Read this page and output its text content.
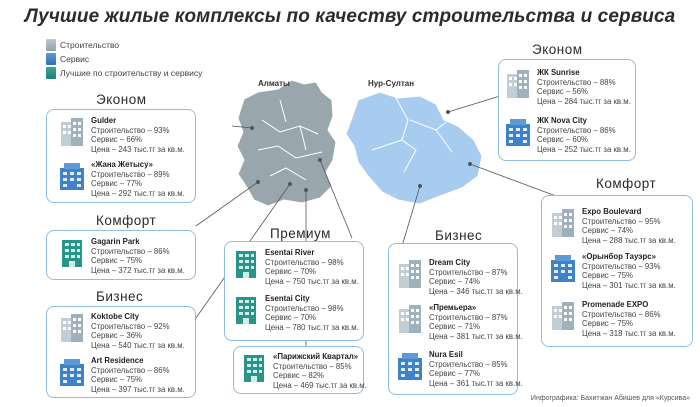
Лучшие жилые комплексы по качеству строительства и сервиса
Строительство
Сервис
Лучшие по строительству и сервису
Алматы	Нур-Султан
Эконом
Комфорт
Бизнес
Премиум	Бизнес
Эконом
Комфорт
Gulder
Строительство – 93%
Сервис – 66%
Цена – 243 тыс.тг за кв.м.
«Жана Жетысу»
Строительство – 89%
Сервис – 77%
Цена – 292 тыс.тг за кв.м.
Gagarin Park
Строительство – 86%
Сервис – 75%
Цена – 372 тыс.тг за кв.м.
Koktobe City
Строительство – 92%
Сервис – 36%
Цена – 540 тыс.тг за кв.м.
Art Residence
Строительство – 86%
Сервис – 75%
Цена – 397 тыс.тг за кв.м.
Esentai River
Строительство – 98%
Сервис – 70%
Цена – 750 тыс.тг за кв.м.
Esentai City
Строительство – 98%
Сервис – 70%
Цена – 780 тыс.тг за кв.м.
«Парижский Квартал»
Строительство – 85%
Сервис – 82%
Цена – 469 тыс.тг за кв.м.
Dream City
Строительство – 87%
Сервис – 74%
Цена – 346 тыс.тг за кв.м.
«Премьера»
Строительство – 87%
Сервис – 71%
Цена – 381 тыс.тг за кв.м.
Nura Esil
Строительство – 85%
Сервис – 77%
Цена – 361 тыс.тг за кв.м.
ЖК Sunrise
Строительство – 88%
Сервис – 56%
Цена – 284 тыс.тг за кв.м.
ЖК Nova City
Строительство – 86%
Сервис – 60%
Цена – 252 тыс.тг за кв.м.
Expo Boulevard
Строительство – 95%
Сервис – 74%
Цена – 288 тыс.тг за кв.м.
«Орынбор Тауэрс»
Строительство – 93%
Сервис – 75%
Цена – 301 тыс.тг за кв.м.
Promenade EXPO
Строительство – 86%
Сервис – 75%
Цена – 318 тыс.тг за кв.м.
Инфографика: Бахитжан Абишев для «Курсива»
